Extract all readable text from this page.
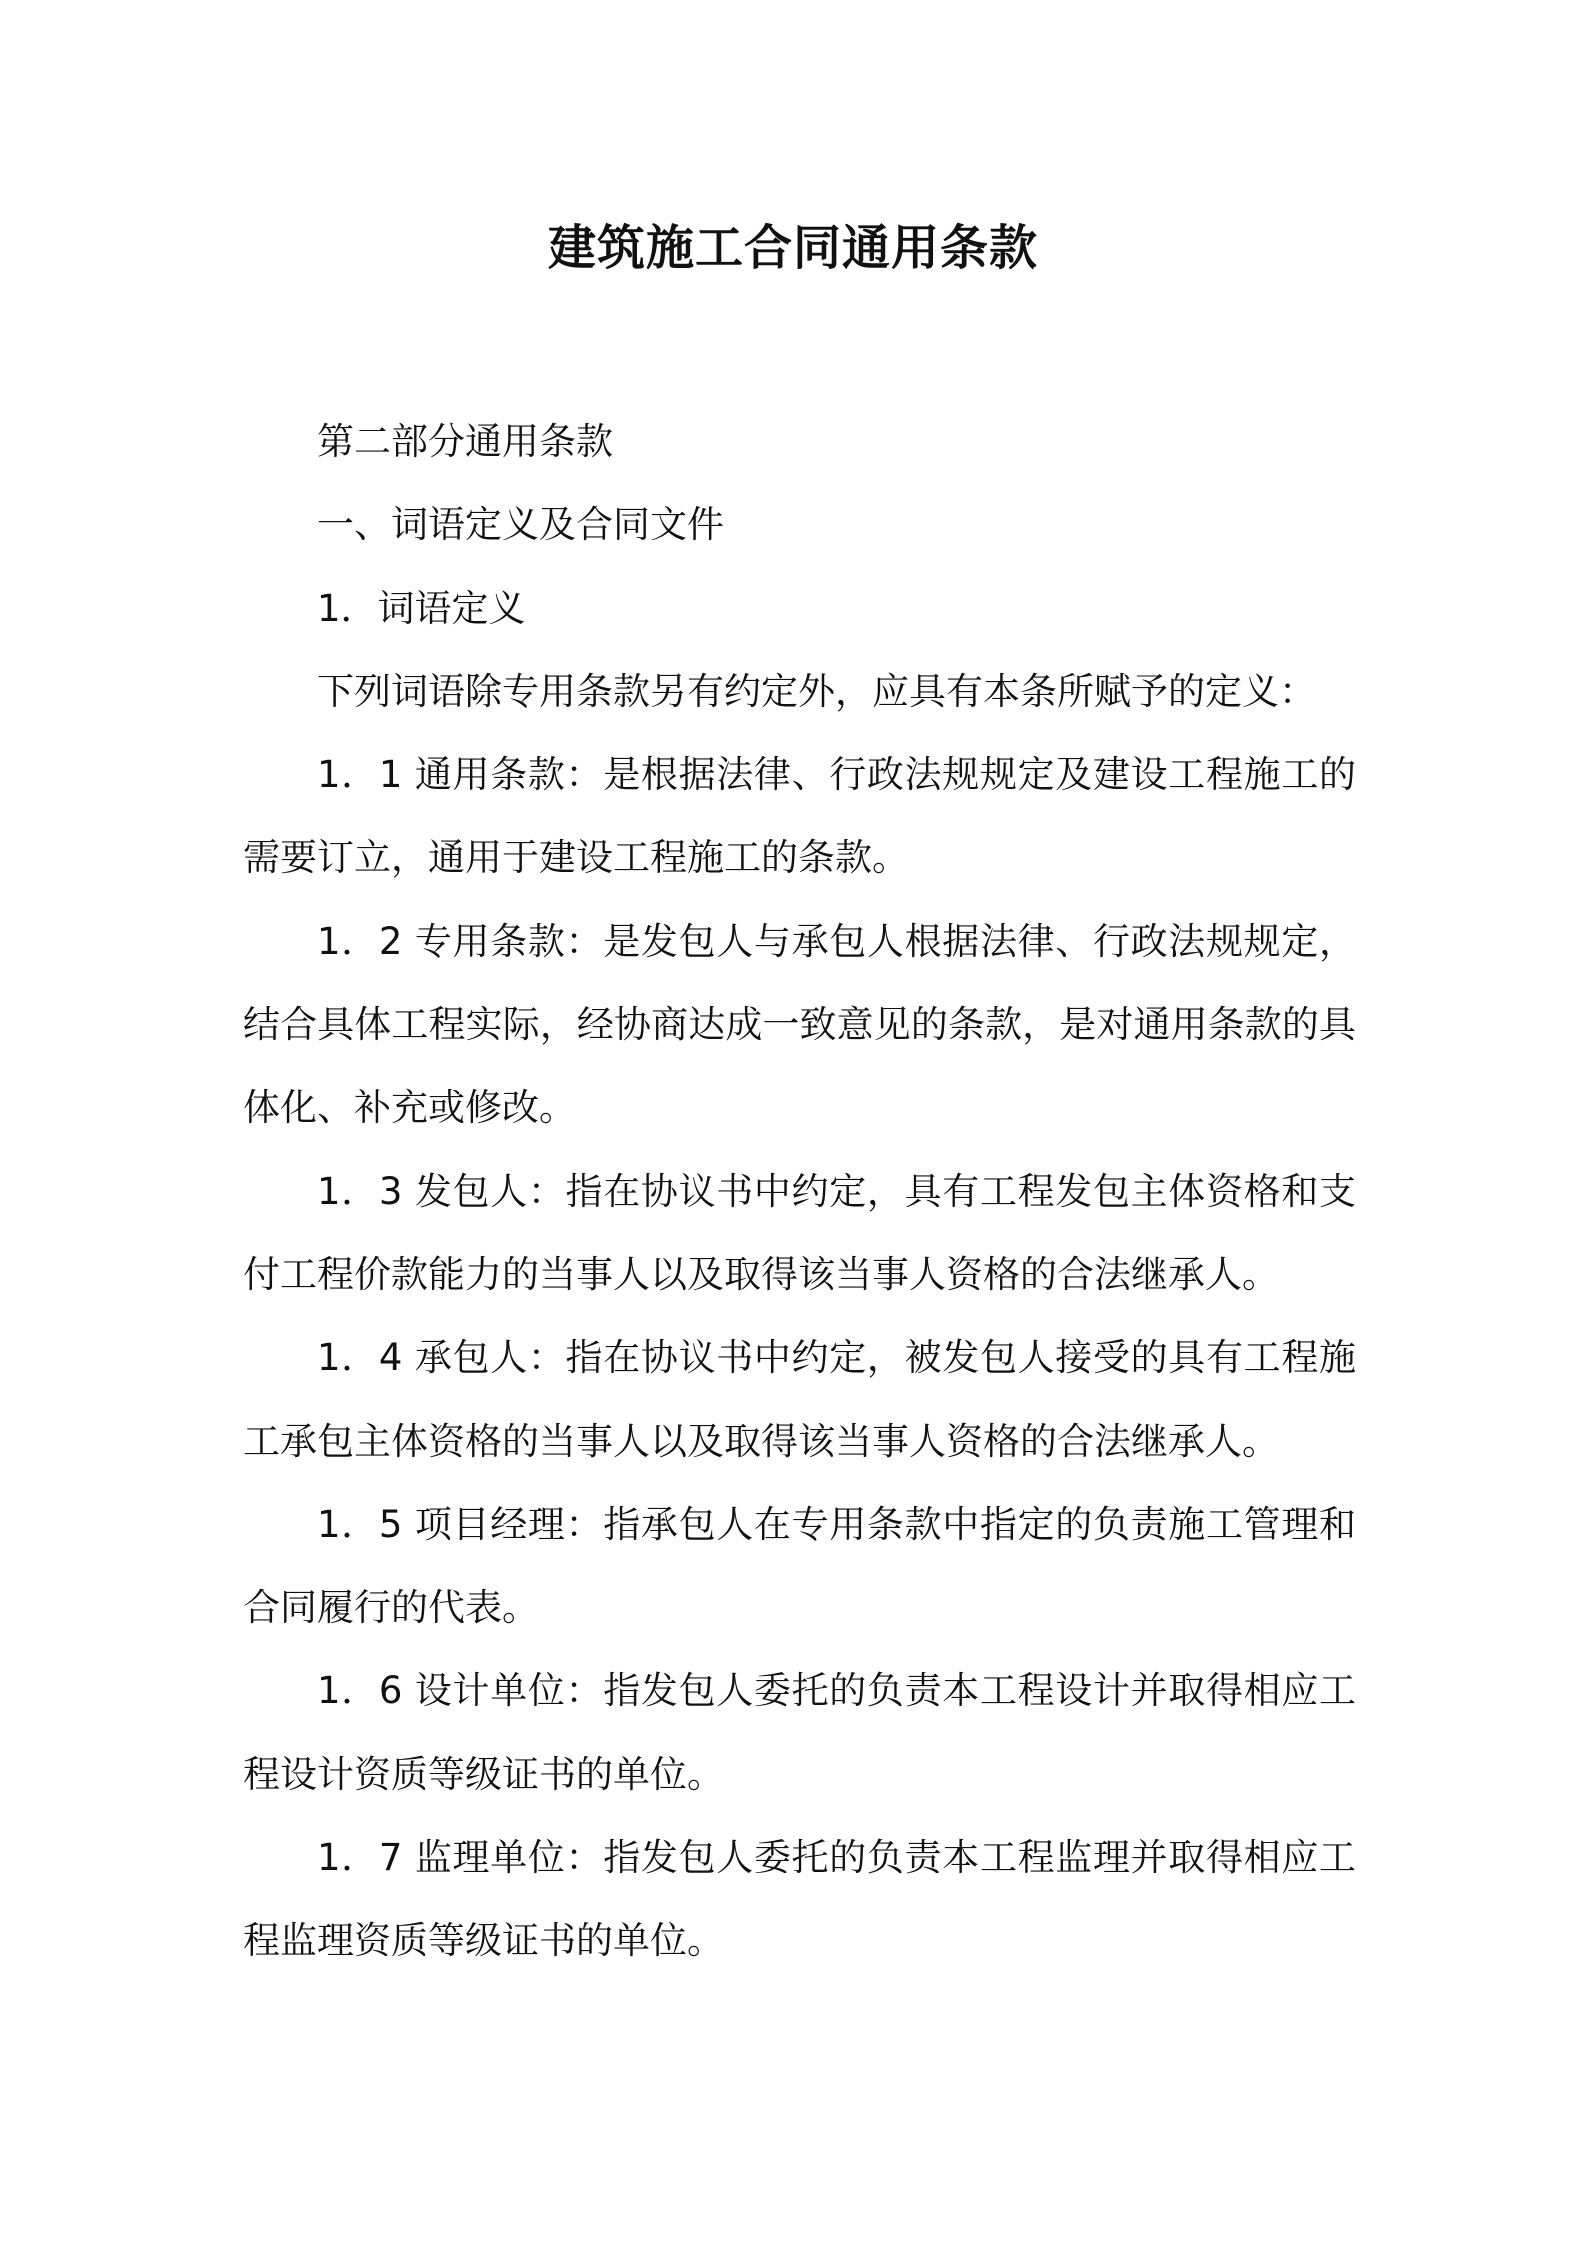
建筑施工合同通用条款

第二部分通用条款

一、词语定义及合同文件

1．词语定义

下列词语除专用条款另有约定外，应具有本条所赋予的定义：

1．1 通用条款：是根据法律、行政法规规定及建设工程施工的需要订立，通用于建设工程施工的条款。

1．2 专用条款：是发包人与承包人根据法律、行政法规规定，结合具体工程实际，经协商达成一致意见的条款，是对通用条款的具体化、补充或修改。

1．3 发包人：指在协议书中约定，具有工程发包主体资格和支付工程价款能力的当事人以及取得该当事人资格的合法继承人。

1．4 承包人：指在协议书中约定，被发包人接受的具有工程施工承包主体资格的当事人以及取得该当事人资格的合法继承人。

1．5 项目经理：指承包人在专用条款中指定的负责施工管理和合同履行的代表。

1．6 设计单位：指发包人委托的负责本工程设计并取得相应工程设计资质等级证书的单位。

1．7 监理单位：指发包人委托的负责本工程监理并取得相应工程监理资质等级证书的单位。
